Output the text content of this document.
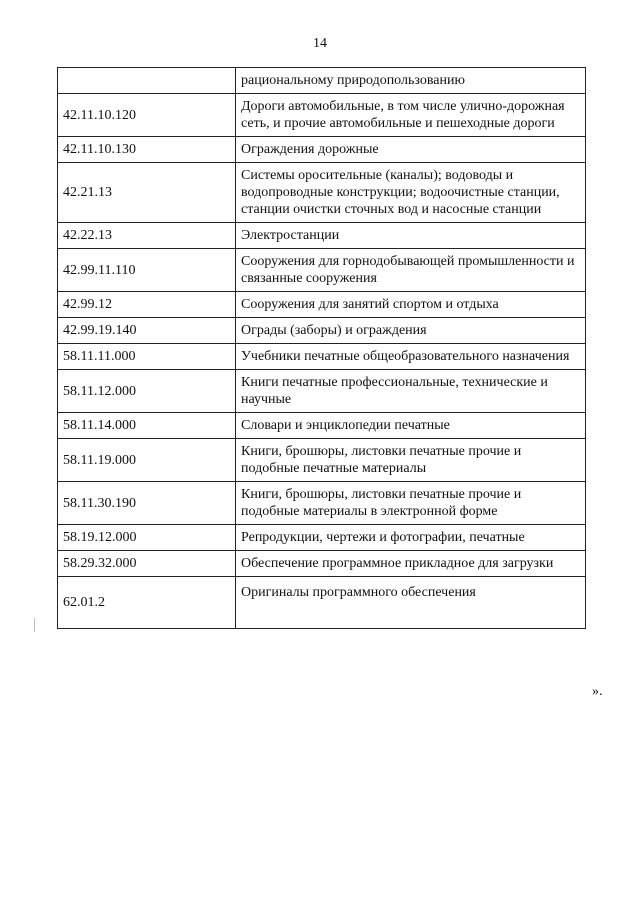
14
	рациональному природопользованию
42.11.10.120	Дороги автомобильные, в том числе улично-дорожная сеть, и прочие автомобильные и пешеходные дороги
42.11.10.130	Ограждения дорожные
42.21.13	Системы оросительные (каналы); водоводы и водопроводные конструкции; водоочистные станции, станции очистки сточных вод и насосные станции
42.22.13	Электростанции
42.99.11.110	Сооружения для горнодобывающей промышленности и связанные сооружения
42.99.12	Сооружения для занятий спортом и отдыха
42.99.19.140	Ограды (заборы) и ограждения
58.11.11.000	Учебники печатные общеобразовательного назначения
58.11.12.000	Книги печатные профессиональные, технические и научные
58.11.14.000	Словари и энциклопедии печатные
58.11.19.000	Книги, брошюры, листовки печатные прочие и подобные печатные материалы
58.11.30.190	Книги, брошюры, листовки печатные прочие и подобные материалы в электронной форме
58.19.12.000	Репродукции, чертежи и фотографии, печатные
58.29.32.000	Обеспечение программное прикладное для загрузки
62.01.2	Оригиналы программного обеспечения
».
